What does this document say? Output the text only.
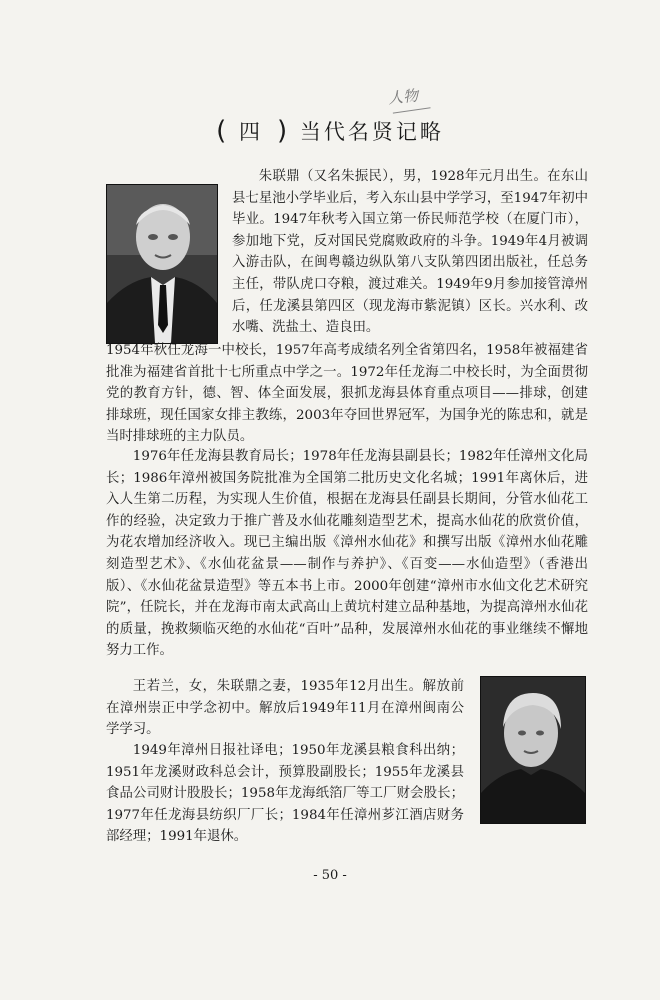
人物
( 四 ) 当代名贤记略
朱联鼎（又名朱振民），男，1928年元月出生。在东山县七星池小学毕业后，考入东山县中学学习，至1947年初中毕业。1947年秋考入国立第一侨民师范学校（在厦门市），参加地下党，反对国民党腐败政府的斗争。1949年4月被调入游击队，在闽粤赣边纵队第八支队第四团出版社，任总务主任，带队虎口夺粮，渡过难关。1949年9月参加接管漳州后，任龙溪县第四区（现龙海市紫泥镇）区长。兴水利、改水嘴、洗盐土、造良田。
1954年秋任龙海一中校长，1957年高考成绩名列全省第四名，1958年被福建省批准为福建省首批十七所重点中学之一。1972年任龙海二中校长时，为全面贯彻党的教育方针，德、智、体全面发展，狠抓龙海县体育重点项目——排球，创建排球班，现任国家女排主教练，2003年夺回世界冠军，为国争光的陈忠和，就是当时排球班的主力队员。
1976年任龙海县教育局长；1978年任龙海县副县长；1982年任漳州文化局长；1986年漳州被国务院批准为全国第二批历史文化名城；1991年离休后，进入人生第二历程，为实现人生价值，根据在龙海县任副县长期间，分管水仙花工作的经验，决定致力于推广普及水仙花雕刻造型艺术，提高水仙花的欣赏价值，为花农增加经济收入。现已主编出版《漳州水仙花》和撰写出版《漳州水仙花雕刻造型艺术》、《水仙花盆景——制作与养护》、《百变——水仙造型》（香港出版）、《水仙花盆景造型》等五本书上市。2000年创建“漳州市水仙文化艺术研究院”，任院长，并在龙海市南太武高山上黄坑村建立品种基地，为提高漳州水仙花的质量，挽救频临灭绝的水仙花“百叶”品种，发展漳州水仙花的事业继续不懈地努力工作。
王若兰，女，朱联鼎之妻，1935年12月出生。解放前在漳州崇正中学念初中。解放后1949年11月在漳州闽南公学学习。
1949年漳州日报社译电；1950年龙溪县粮食科出纳；1951年龙溪财政科总会计，预算股副股长；1955年龙溪县食品公司财计股股长；1958年龙海纸箔厂等工厂财会股长；1977年任龙海县纺织厂厂长；1984年任漳州芗江酒店财务部经理；1991年退休。
- 50 -
